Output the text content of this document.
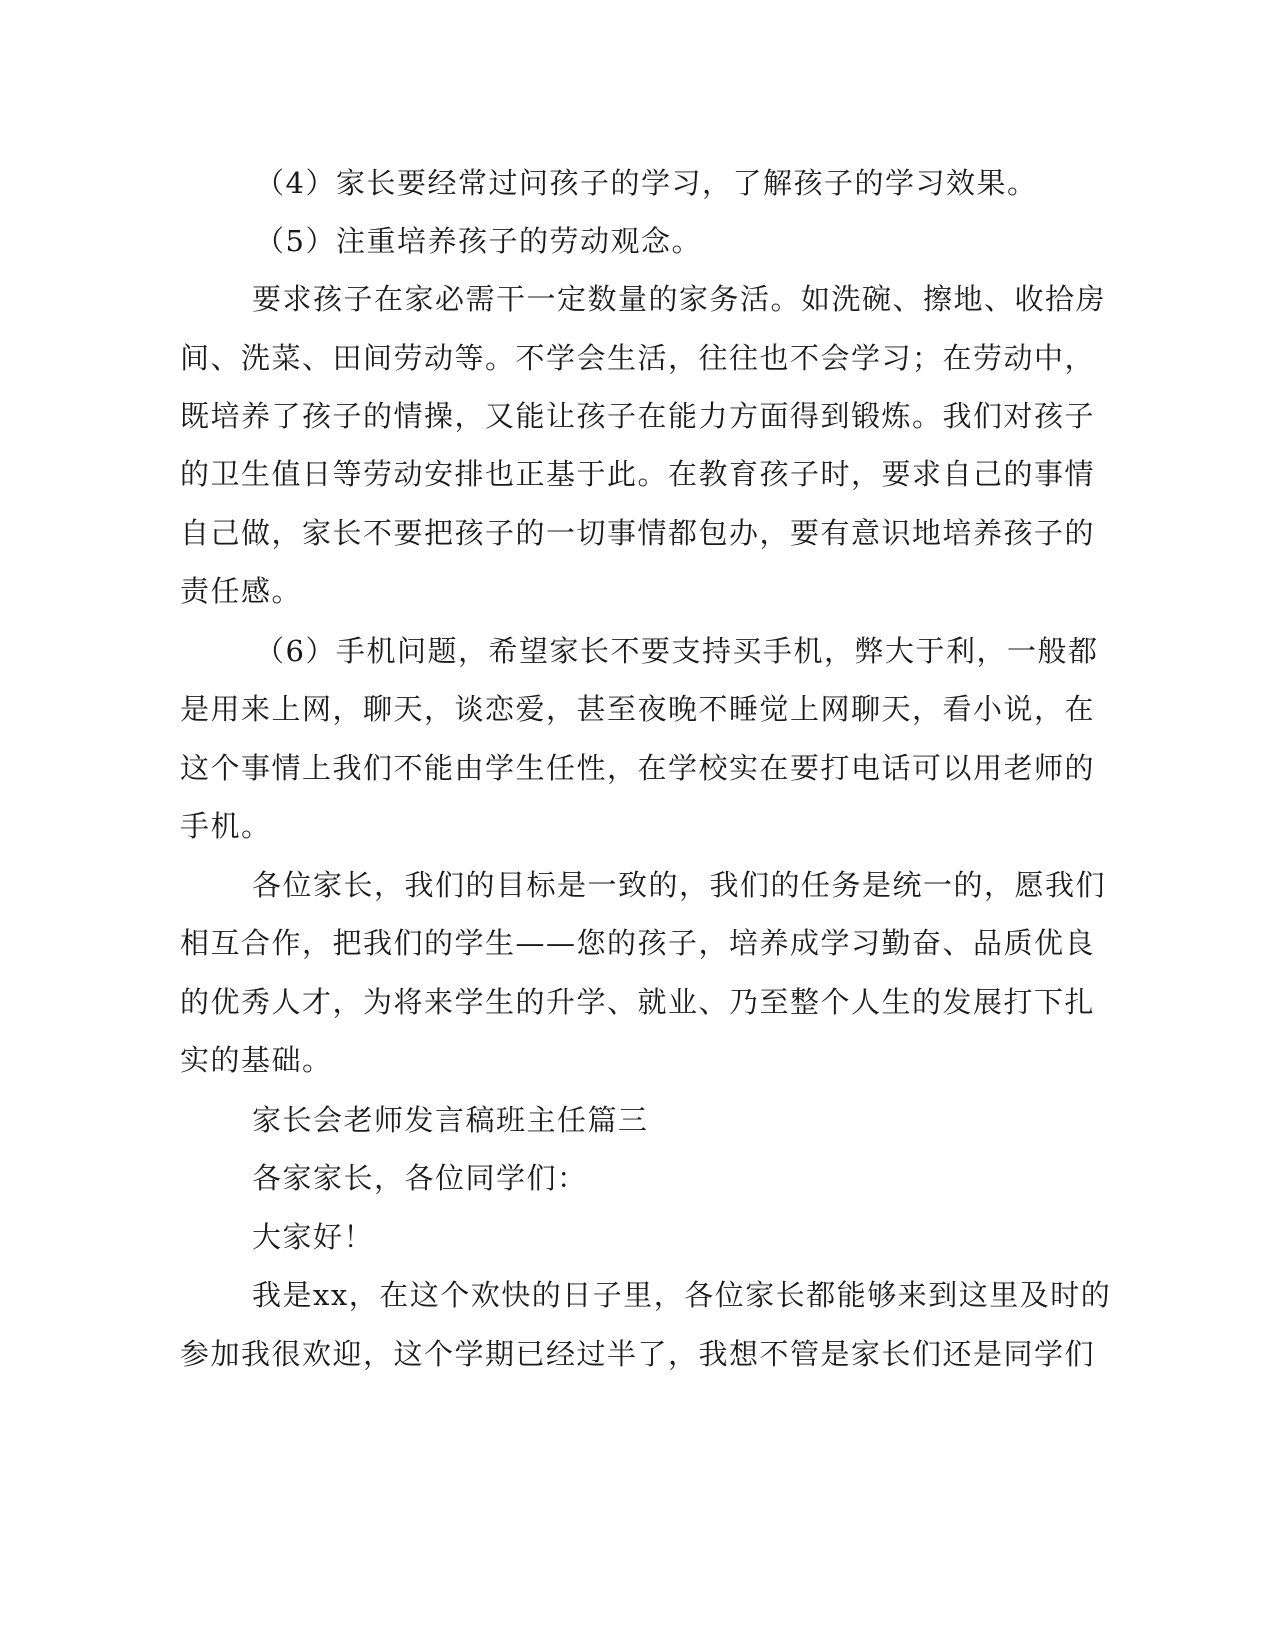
（4）家长要经常过问孩子的学习，了解孩子的学习效果。
（5）注重培养孩子的劳动观念。
要求孩子在家必需干一定数量的家务活。如洗碗、擦地、收拾房
间、洗菜、田间劳动等。不学会生活，往往也不会学习；在劳动中，
既培养了孩子的情操，又能让孩子在能力方面得到锻炼。我们对孩子
的卫生值日等劳动安排也正基于此。在教育孩子时，要求自己的事情
自己做，家长不要把孩子的一切事情都包办，要有意识地培养孩子的
责任感。
（6）手机问题，希望家长不要支持买手机，弊大于利，一般都
是用来上网，聊天，谈恋爱，甚至夜晚不睡觉上网聊天，看小说，在
这个事情上我们不能由学生任性，在学校实在要打电话可以用老师的
手机。
各位家长，我们的目标是一致的，我们的任务是统一的，愿我们
相互合作，把我们的学生——您的孩子，培养成学习勤奋、品质优良
的优秀人才，为将来学生的升学、就业、乃至整个人生的发展打下扎
实的基础。
家长会老师发言稿班主任篇三
各家家长，各位同学们：
大家好！
我是xx，在这个欢快的日子里，各位家长都能够来到这里及时的
参加我很欢迎，这个学期已经过半了，我想不管是家长们还是同学们
